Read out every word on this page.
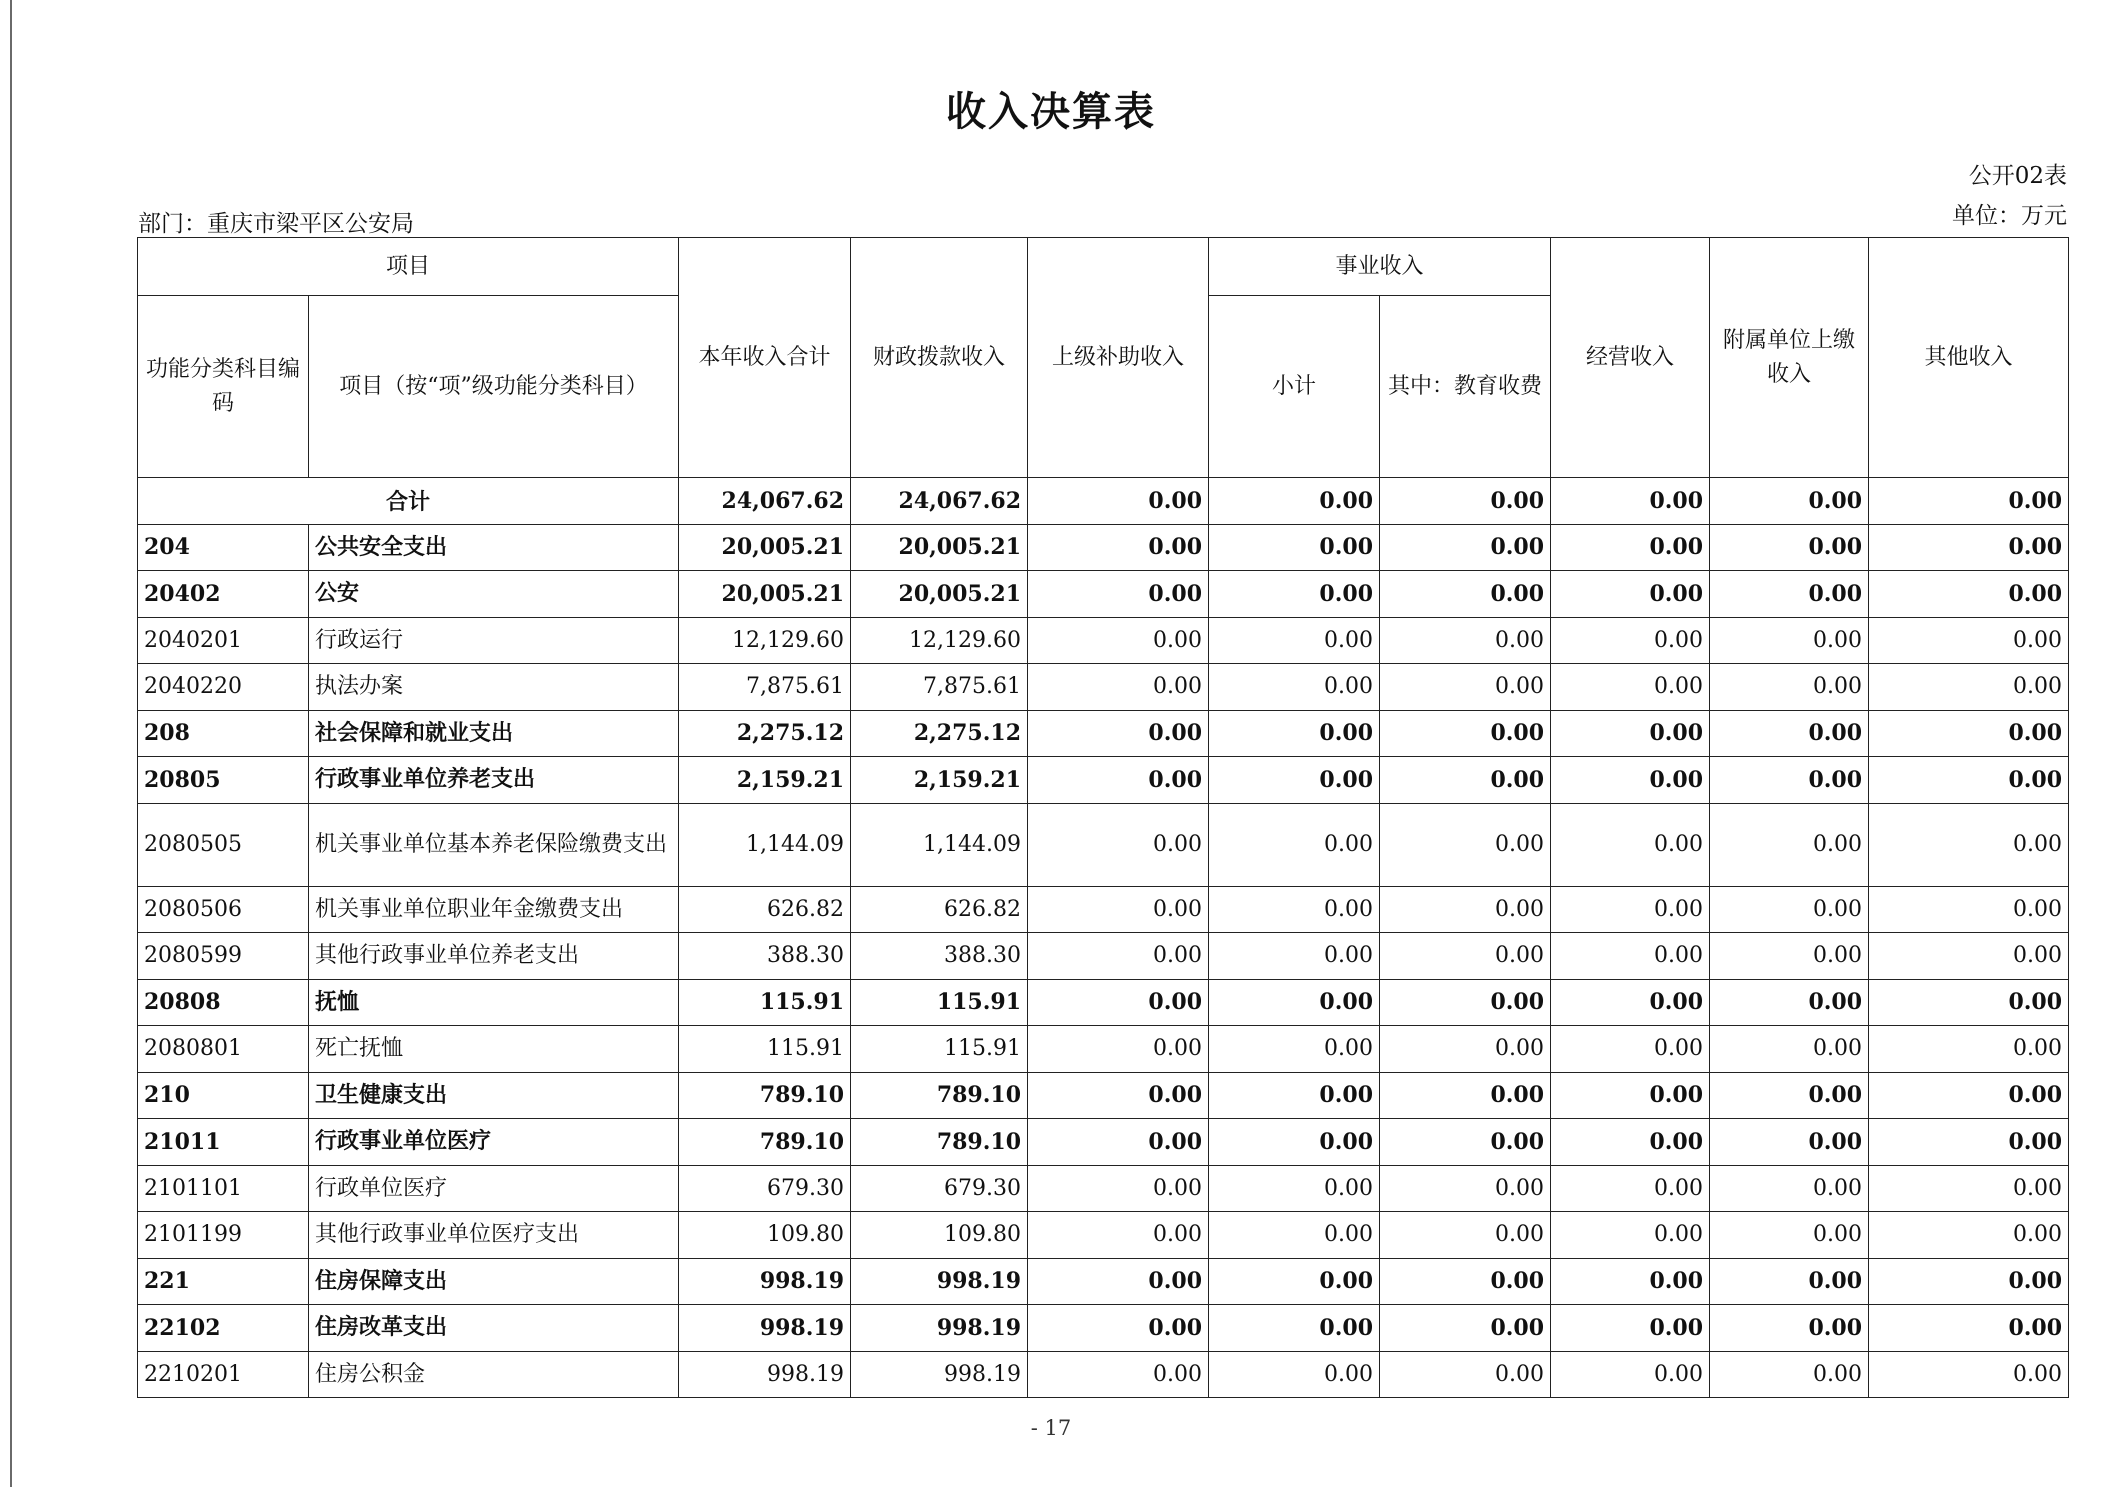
收入决算表
公开02表
单位：万元
部门：重庆市梁平区公安局
项目		本年收入合计	财政拨款收入	上级补助收入	事业收入		经营收入	附属单位上缴收入	其他收入
功能分类科目编码	项目（按“项”级功能分类科目）				小计	其中：教育收费			
合计		24,067.62	24,067.62	0.00	0.00	0.00	0.00	0.00	0.00
204	公共安全支出	20,005.21	20,005.21	0.00	0.00	0.00	0.00	0.00	0.00
20402	公安	20,005.21	20,005.21	0.00	0.00	0.00	0.00	0.00	0.00
2040201	行政运行	12,129.60	12,129.60	0.00	0.00	0.00	0.00	0.00	0.00
2040220	执法办案	7,875.61	7,875.61	0.00	0.00	0.00	0.00	0.00	0.00
208	社会保障和就业支出	2,275.12	2,275.12	0.00	0.00	0.00	0.00	0.00	0.00
20805	行政事业单位养老支出	2,159.21	2,159.21	0.00	0.00	0.00	0.00	0.00	0.00
2080505	机关事业单位基本养老保险缴费支出	1,144.09	1,144.09	0.00	0.00	0.00	0.00	0.00	0.00
2080506	机关事业单位职业年金缴费支出	626.82	626.82	0.00	0.00	0.00	0.00	0.00	0.00
2080599	其他行政事业单位养老支出	388.30	388.30	0.00	0.00	0.00	0.00	0.00	0.00
20808	抚恤	115.91	115.91	0.00	0.00	0.00	0.00	0.00	0.00
2080801	死亡抚恤	115.91	115.91	0.00	0.00	0.00	0.00	0.00	0.00
210	卫生健康支出	789.10	789.10	0.00	0.00	0.00	0.00	0.00	0.00
21011	行政事业单位医疗	789.10	789.10	0.00	0.00	0.00	0.00	0.00	0.00
2101101	行政单位医疗	679.30	679.30	0.00	0.00	0.00	0.00	0.00	0.00
2101199	其他行政事业单位医疗支出	109.80	109.80	0.00	0.00	0.00	0.00	0.00	0.00
221	住房保障支出	998.19	998.19	0.00	0.00	0.00	0.00	0.00	0.00
22102	住房改革支出	998.19	998.19	0.00	0.00	0.00	0.00	0.00	0.00
2210201	住房公积金	998.19	998.19	0.00	0.00	0.00	0.00	0.00	0.00
- 17
